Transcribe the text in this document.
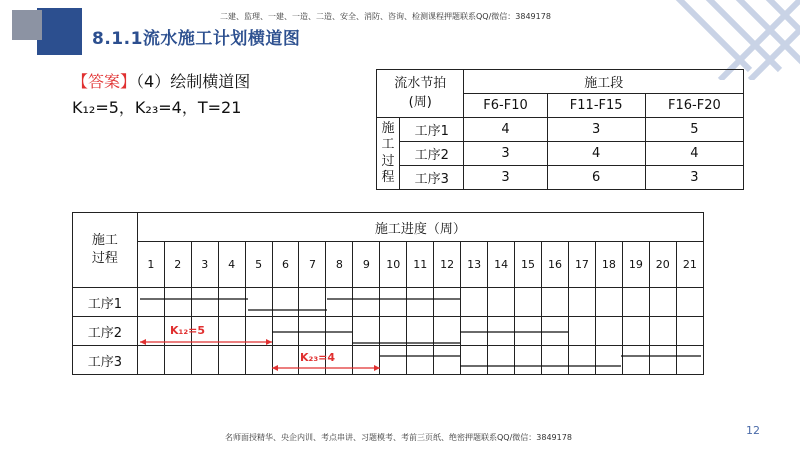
二建、监理、一建、一造、二造、安全、消防、咨询、检测课程押题联系QQ/微信：3849178
8.1.1流水施工计划横道图
【答案】（4）绘制横道图
K₁₂=5，K₂₃=4，T=21
流水节拍
(周)		施工段		
		F6-F10	F11-F15	F16-F20
施
工
过
程	工序1	4	3	5
	工序2	3	4	4
	工序3	3	6	3
施工
过程	施工进度（周）																				
	1	2	3	4	5	6	7	8	9	10	11	12	13	14	15	16	17	18	19	20	21
工序1																					
工序2																					
工序3																					
K₁₂=5
K₂₃=4
12
名师面授精华、央企内训、考点串讲、习题模考、考前三页纸、绝密押题联系QQ/微信：3849178
